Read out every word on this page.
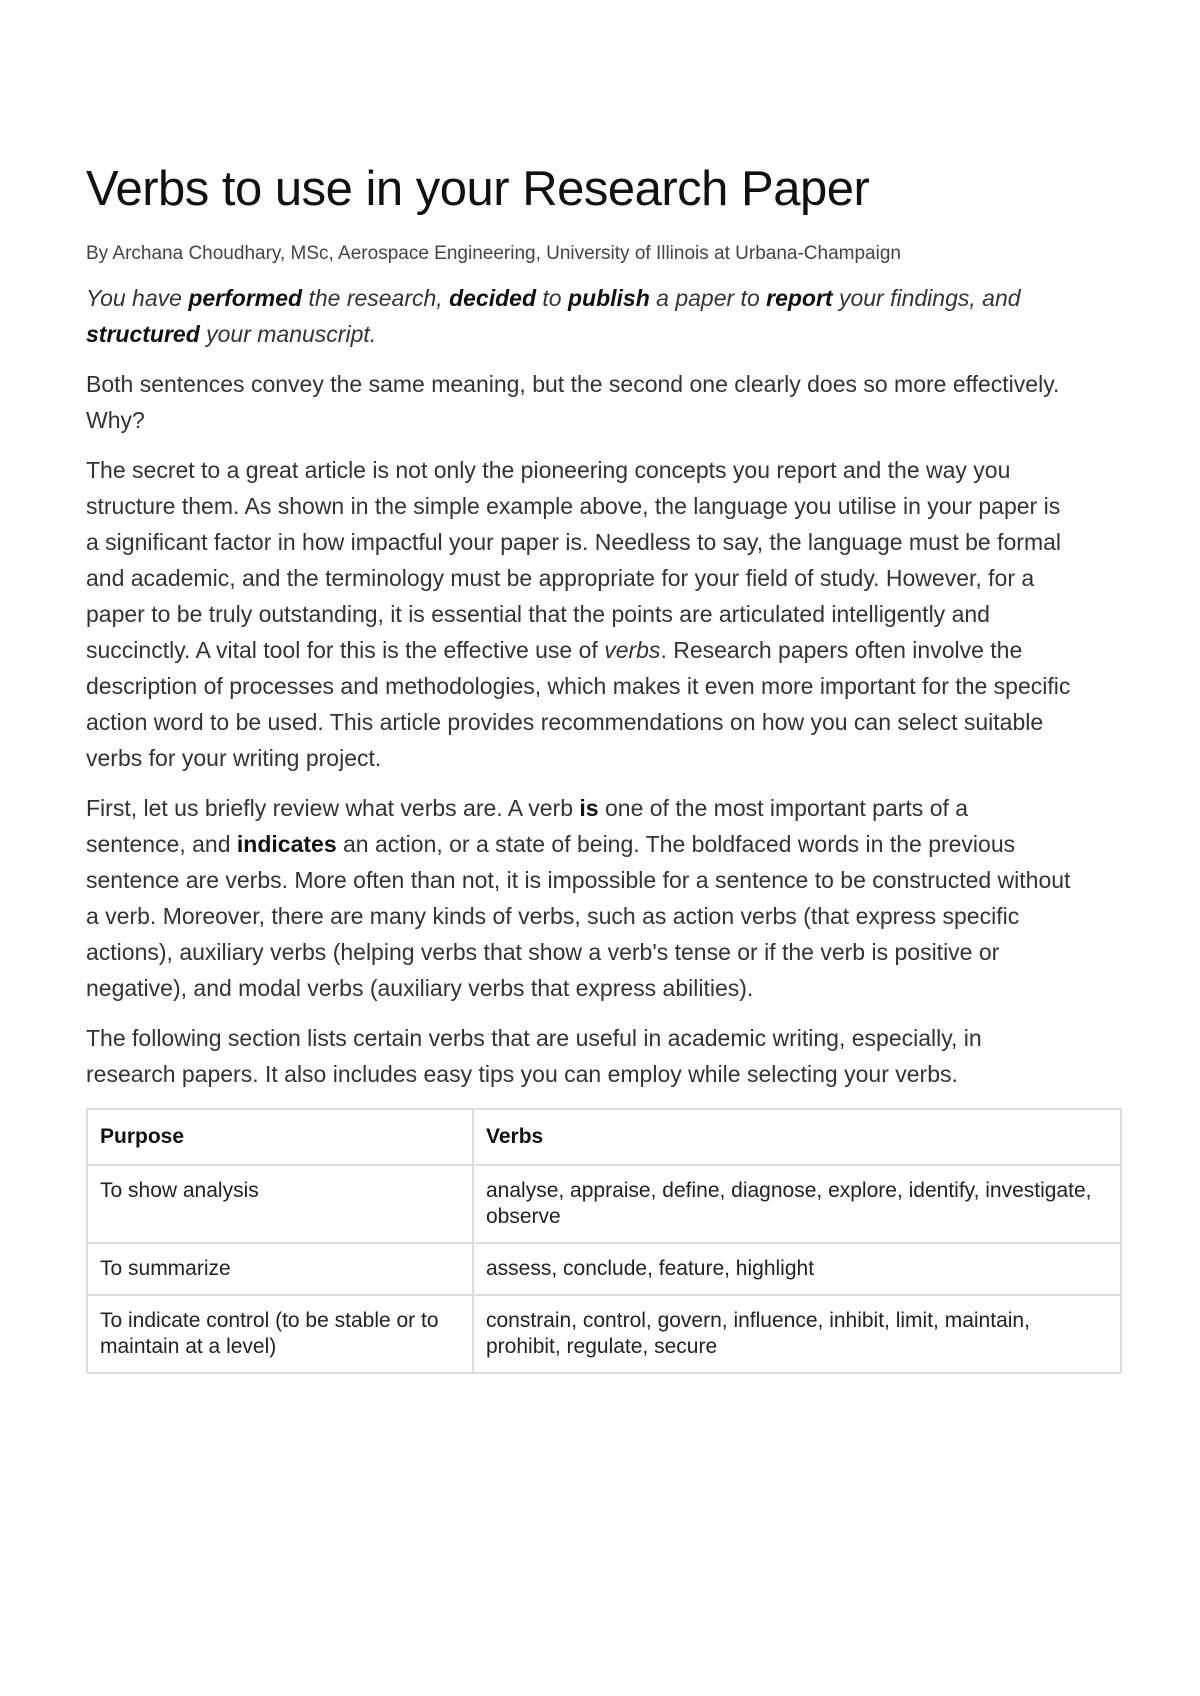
Verbs to use in your Research Paper
By Archana Choudhary, MSc, Aerospace Engineering, University of Illinois at Urbana-Champaign

You have performed the research, decided to publish a paper to report your findings, and structured your manuscript.

Both sentences convey the same meaning, but the second one clearly does so more effectively. Why?

The secret to a great article is not only the pioneering concepts you report and the way you structure them. As shown in the simple example above, the language you utilise in your paper is a significant factor in how impactful your paper is. Needless to say, the language must be formal and academic, and the terminology must be appropriate for your field of study. However, for a paper to be truly outstanding, it is essential that the points are articulated intelligently and succinctly. A vital tool for this is the effective use of verbs. Research papers often involve the description of processes and methodologies, which makes it even more important for the specific action word to be used. This article provides recommendations on how you can select suitable verbs for your writing project.

First, let us briefly review what verbs are. A verb is one of the most important parts of a sentence, and indicates an action, or a state of being. The boldfaced words in the previous sentence are verbs. More often than not, it is impossible for a sentence to be constructed without a verb. Moreover, there are many kinds of verbs, such as action verbs (that express specific actions), auxiliary verbs (helping verbs that show a verb's tense or if the verb is positive or negative), and modal verbs (auxiliary verbs that express abilities).

The following section lists certain verbs that are useful in academic writing, especially, in research papers. It also includes easy tips you can employ while selecting your verbs.

Purpose	Verbs
To show analysis	analyse, appraise, define, diagnose, explore, identify, investigate, observe
To summarize	assess, conclude, feature, highlight
To indicate control (to be stable or to maintain at a level)	constrain, control, govern, influence, inhibit, limit, maintain, prohibit, regulate, secure
